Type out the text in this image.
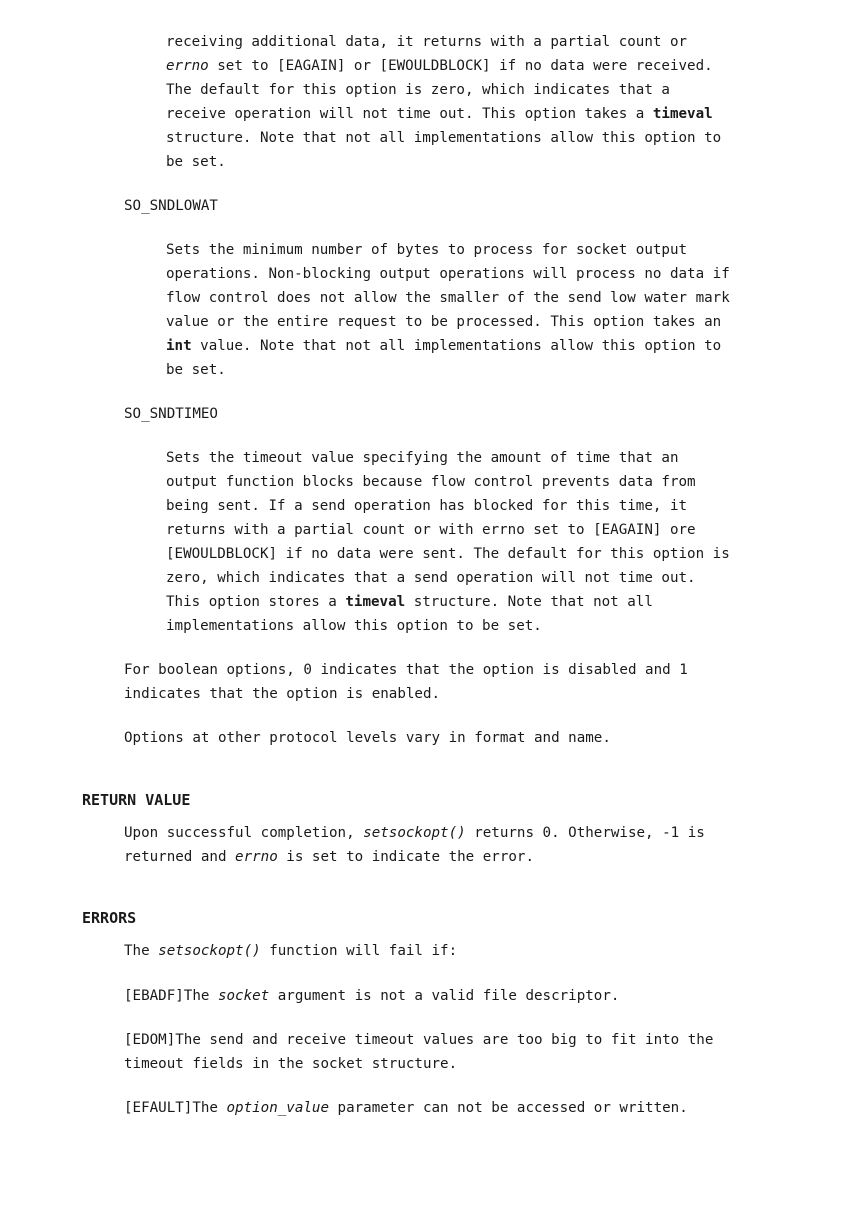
receiving additional data, it returns with a partial count or
errno set to [EAGAIN] or [EWOULDBLOCK] if no data were received.
The default for this option is zero, which indicates that a
receive operation will not time out. This option takes a timeval
structure. Note that not all implementations allow this option to
be set.
SO_SNDLOWAT
Sets the minimum number of bytes to process for socket output
operations. Non-blocking output operations will process no data if
flow control does not allow the smaller of the send low water mark
value or the entire request to be processed. This option takes an
int value. Note that not all implementations allow this option to
be set.
SO_SNDTIMEO
Sets the timeout value specifying the amount of time that an
output function blocks because flow control prevents data from
being sent. If a send operation has blocked for this time, it
returns with a partial count or with errno set to [EAGAIN] ore
[EWOULDBLOCK] if no data were sent. The default for this option is
zero, which indicates that a send operation will not time out.
This option stores a timeval structure. Note that not all
implementations allow this option to be set.
For boolean options, 0 indicates that the option is disabled and 1
indicates that the option is enabled.
Options at other protocol levels vary in format and name.
RETURN VALUE
Upon successful completion, setsockopt() returns 0. Otherwise, -1 is
returned and errno is set to indicate the error.
ERRORS
The setsockopt() function will fail if:
[EBADF]The socket argument is not a valid file descriptor.
[EDOM]The send and receive timeout values are too big to fit into the
timeout fields in the socket structure.
[EFAULT]The option_value parameter can not be accessed or written.
